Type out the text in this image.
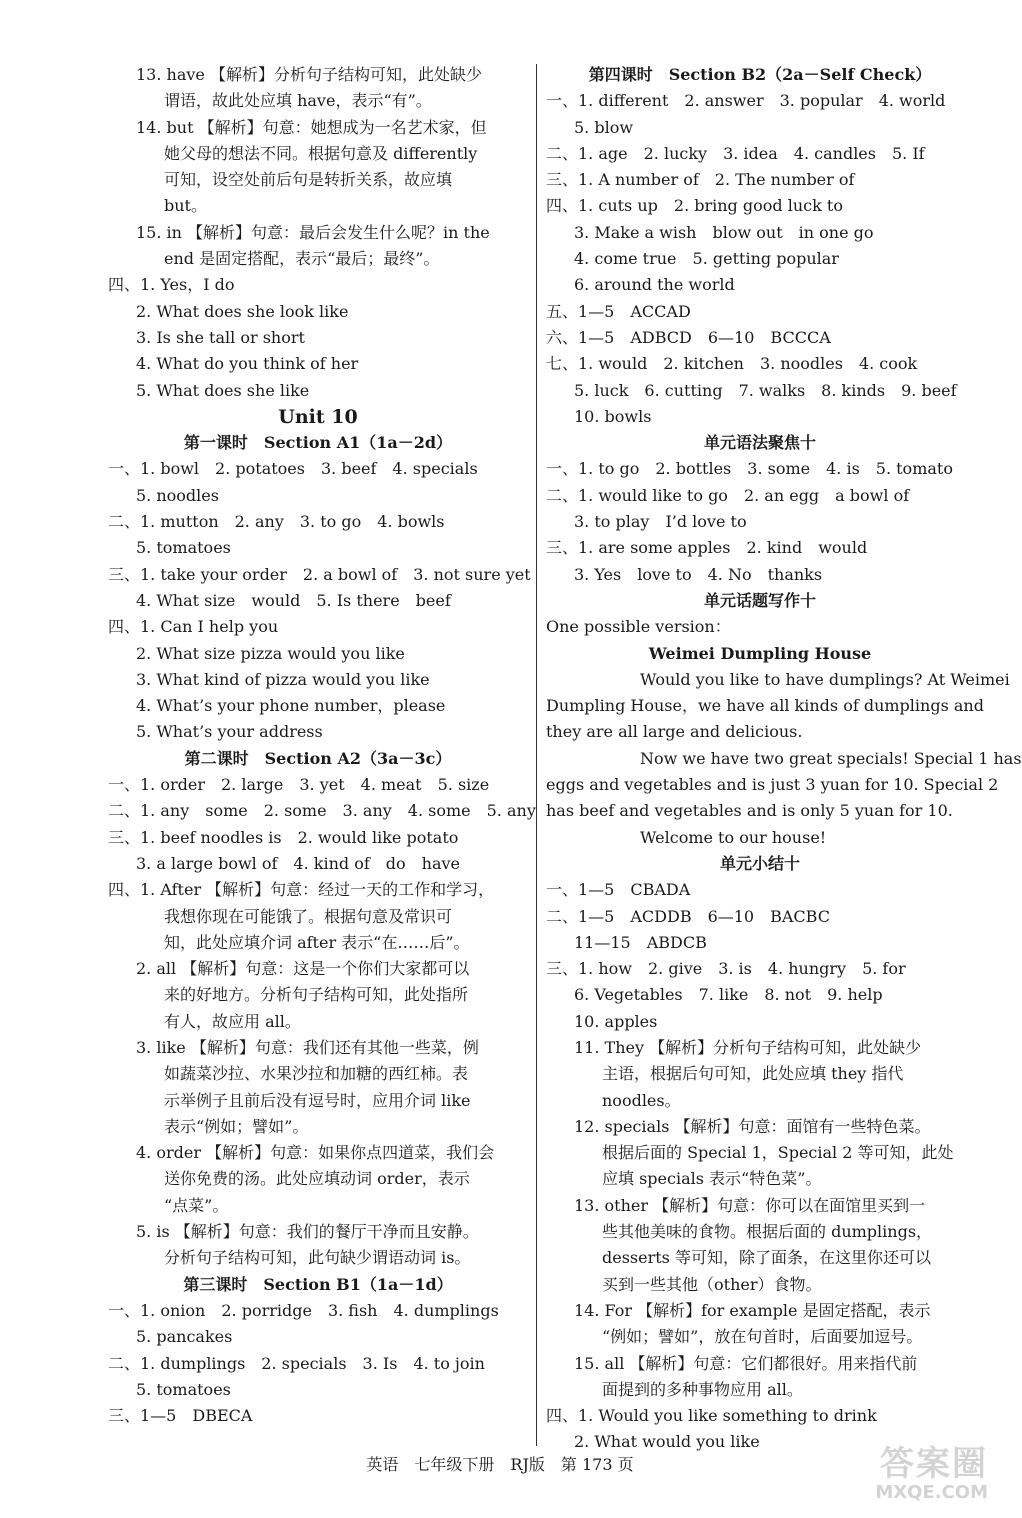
13. have 【解析】分析句子结构可知，此处缺少
谓语，故此处应填 have，表示“有”。
14. but 【解析】句意：她想成为一名艺术家，但
她父母的想法不同。根据句意及 differently
可知，设空处前后句是转折关系，故应填
but。
15. in 【解析】句意：最后会发生什么呢？in the
end 是固定搭配，表示“最后；最终”。
四、1. Yes，I do
2. What does she look like
3. Is she tall or short
4. What do you think of her
5. What does she like
Unit 10
第一课时　Section A1（1a－2d）
一、1. bowl　2. potatoes　3. beef　4. specials
5. noodles
二、1. mutton　2. any　3. to go　4. bowls
5. tomatoes
三、1. take your order　2. a bowl of　3. not sure yet
4. What size　would　5. Is there　beef
四、1. Can I help you
2. What size pizza would you like
3. What kind of pizza would you like
4. What’s your phone number，please
5. What’s your address
第二课时　Section A2（3a－3c）
一、1. order　2. large　3. yet　4. meat　5. size
二、1. any　some　2. some　3. any　4. some　5. any
三、1. beef noodles is　2. would like potato
3. a large bowl of　4. kind of　do　have
四、1. After 【解析】句意：经过一天的工作和学习，
我想你现在可能饿了。根据句意及常识可
知，此处应填介词 after 表示“在……后”。
2. all 【解析】句意：这是一个你们大家都可以
来的好地方。分析句子结构可知，此处指所
有人，故应用 all。
3. like 【解析】句意：我们还有其他一些菜，例
如蔬菜沙拉、水果沙拉和加糖的西红柿。表
示举例子且前后没有逗号时，应用介词 like
表示“例如；譬如”。
4. order 【解析】句意：如果你点四道菜，我们会
送你免费的汤。此处应填动词 order，表示
“点菜”。
5. is 【解析】句意：我们的餐厅干净而且安静。
分析句子结构可知，此句缺少谓语动词 is。
第三课时　Section B1（1a－1d）
一、1. onion　2. porridge　3. fish　4. dumplings
5. pancakes
二、1. dumplings　2. specials　3. Is　4. to join
5. tomatoes
三、1—5　DBECA
第四课时　Section B2（2a－Self Check）
一、1. different　2. answer　3. popular　4. world
5. blow
二、1. age　2. lucky　3. idea　4. candles　5. If
三、1. A number of　2. The number of
四、1. cuts up　2. bring good luck to
3. Make a wish　blow out　in one go
4. come true　5. getting popular
6. around the world
五、1—5　ACCAD
六、1—5　ADBCD　6—10　BCCCA
七、1. would　2. kitchen　3. noodles　4. cook
5. luck　6. cutting　7. walks　8. kinds　9. beef
10. bowls
单元语法聚焦十
一、1. to go　2. bottles　3. some　4. is　5. tomato
二、1. would like to go　2. an egg　a bowl of
3. to play　I’d love to
三、1. are some apples　2. kind　would
3. Yes　love to　4. No　thanks
单元话题写作十
One possible version：
Weimei Dumpling House
Would you like to have dumplings? At Weimei
Dumpling House，we have all kinds of dumplings and
they are all large and delicious.
Now we have two great specials! Special 1 has
eggs and vegetables and is just 3 yuan for 10. Special 2
has beef and vegetables and is only 5 yuan for 10.
Welcome to our house!
单元小结十
一、1—5　CBADA
二、1—5　ACDDB　6—10　BACBC
11—15　ABDCB
三、1. how　2. give　3. is　4. hungry　5. for
6. Vegetables　7. like　8. not　9. help
10. apples
11. They 【解析】分析句子结构可知，此处缺少
主语，根据后句可知，此处应填 they 指代
noodles。
12. specials 【解析】句意：面馆有一些特色菜。
根据后面的 Special 1，Special 2 等可知，此处
应填 specials 表示“特色菜”。
13. other 【解析】句意：你可以在面馆里买到一
些其他美味的食物。根据后面的 dumplings，
desserts 等可知，除了面条，在这里你还可以
买到一些其他（other）食物。
14. For 【解析】for example 是固定搭配，表示
“例如；譬如”，放在句首时，后面要加逗号。
15. all 【解析】句意：它们都很好。用来指代前
面提到的多种事物应用 all。
四、1. Would you like something to drink
2. What would you like
英语　七年级下册　RJ版　第 173 页	答案圈
MXQE.COM
